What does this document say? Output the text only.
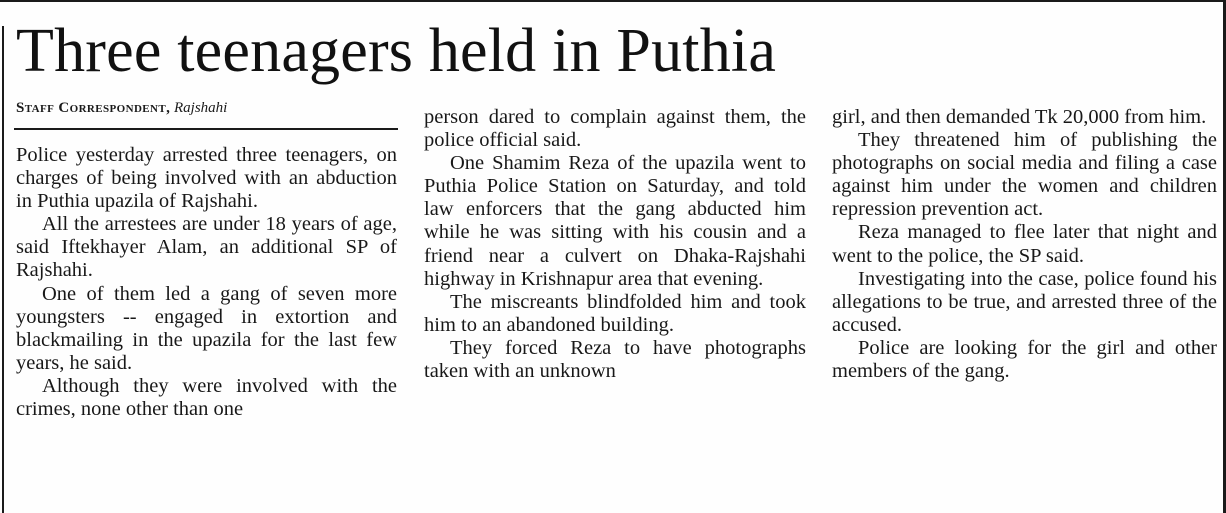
Three teenagers held in Puthia
Staff Correspondent, Rajshahi

Police yesterday arrested three teenagers, on charges of being involved with an abduction in Puthia upazila of Rajshahi.

All the arrestees are under 18 years of age, said Iftekhayer Alam, an additional SP of Rajshahi.

One of them led a gang of seven more youngsters -- engaged in extortion and blackmailing in the upazila for the last few years, he said.

Although they were involved with the crimes, none other than one

person dared to complain against them, the police official said.

One Shamim Reza of the upazila went to Puthia Police Station on Saturday, and told law enforcers that the gang abducted him while he was sitting with his cousin and a friend near a culvert on Dhaka-Rajshahi highway in Krishnapur area that evening.

The miscreants blindfolded him and took him to an abandoned building.

They forced Reza to have photographs taken with an unknown

girl, and then demanded Tk 20,000 from him.

They threatened him of publishing the photographs on social media and filing a case against him under the women and children repression prevention act.

Reza managed to flee later that night and went to the police, the SP said.

Investigating into the case, police found his allegations to be true, and arrested three of the accused.

Police are looking for the girl and other members of the gang.
